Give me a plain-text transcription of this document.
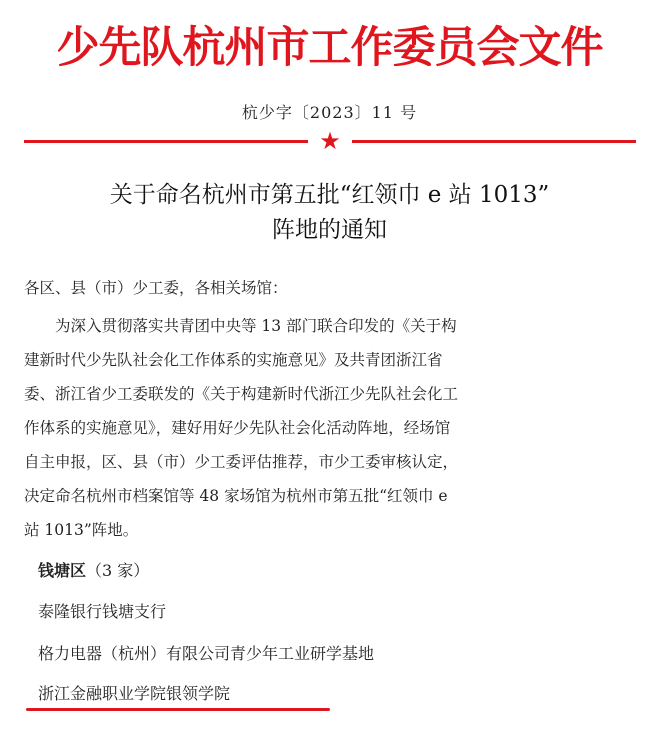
少先队杭州市工作委员会文件
杭少字〔2023〕11 号
★
关于命名杭州市第五批“红领巾 e 站 1013”
阵地的通知
各区、县（市）少工委，各相关场馆：
为深入贯彻落实共青团中央等 13 部门联合印发的《关于构
建新时代少先队社会化工作体系的实施意见》及共青团浙江省
委、浙江省少工委联发的《关于构建新时代浙江少先队社会化工
作体系的实施意见》，建好用好少先队社会化活动阵地，经场馆
自主申报，区、县（市）少工委评估推荐，市少工委审核认定，
决定命名杭州市档案馆等 48 家场馆为杭州市第五批“红领巾 e
站 1013”阵地。
钱塘区（3 家）
泰隆银行钱塘支行
格力电器（杭州）有限公司青少年工业研学基地
浙江金融职业学院银领学院
